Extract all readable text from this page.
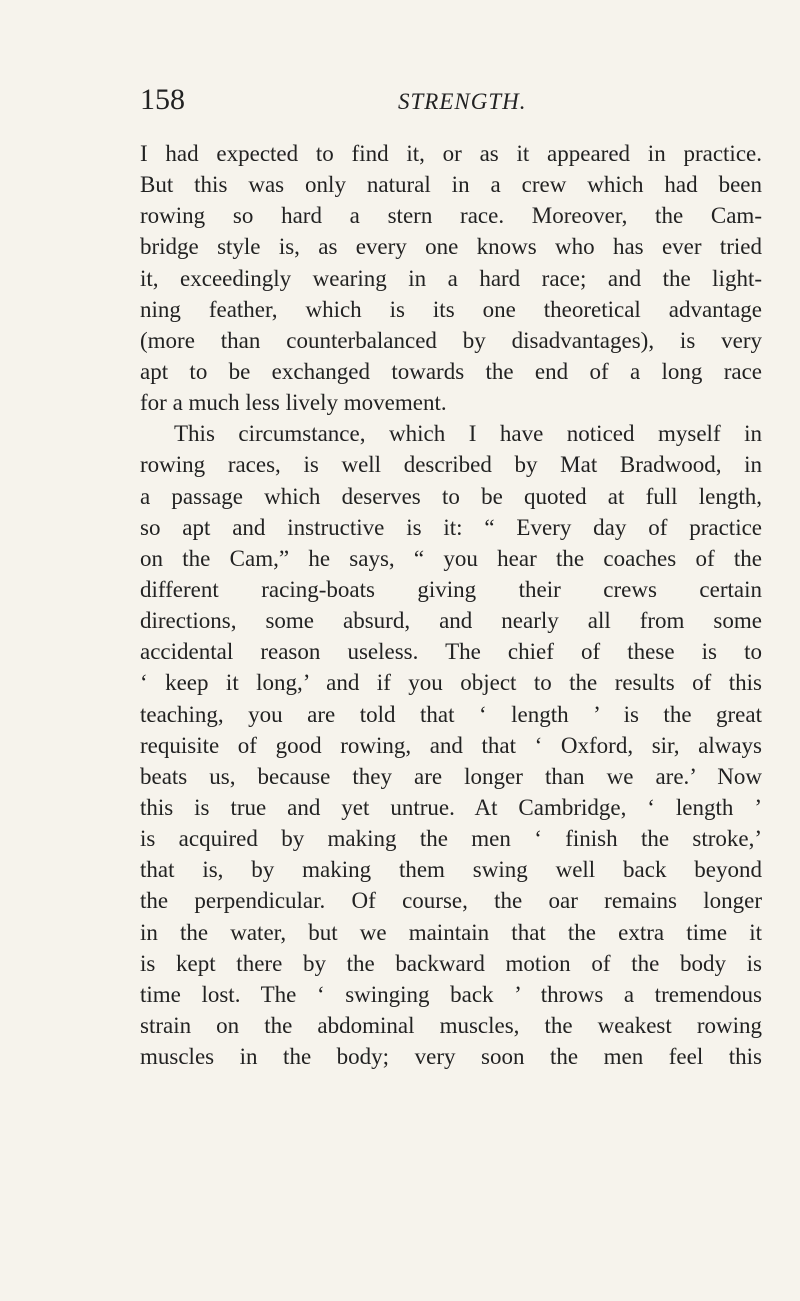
158	STRENGTH.
I had expected to find it, or as it appeared in practice.
But this was only natural in a crew which had been
rowing so hard a stern race. Moreover, the Cam-
bridge style is, as every one knows who has ever tried
it, exceedingly wearing in a hard race; and the light-
ning feather, which is its one theoretical advantage
(more than counterbalanced by disadvantages), is very
apt to be exchanged towards the end of a long race
for a much less lively movement.
This circumstance, which I have noticed myself in
rowing races, is well described by Mat Bradwood, in
a passage which deserves to be quoted at full length,
so apt and instructive is it: “ Every day of practice
on the Cam,” he says, “ you hear the coaches of the
different racing-boats giving their crews certain
directions, some absurd, and nearly all from some
accidental reason useless. The chief of these is to
‘ keep it long,’ and if you object to the results of this
teaching, you are told that ‘ length ’ is the great
requisite of good rowing, and that ‘ Oxford, sir, always
beats us, because they are longer than we are.’ Now
this is true and yet untrue. At Cambridge, ‘ length ’
is acquired by making the men ‘ finish the stroke,’
that is, by making them swing well back beyond
the perpendicular. Of course, the oar remains longer
in the water, but we maintain that the extra time it
is kept there by the backward motion of the body is
time lost. The ‘ swinging back ’ throws a tremendous
strain on the abdominal muscles, the weakest rowing
muscles in the body; very soon the men feel this
